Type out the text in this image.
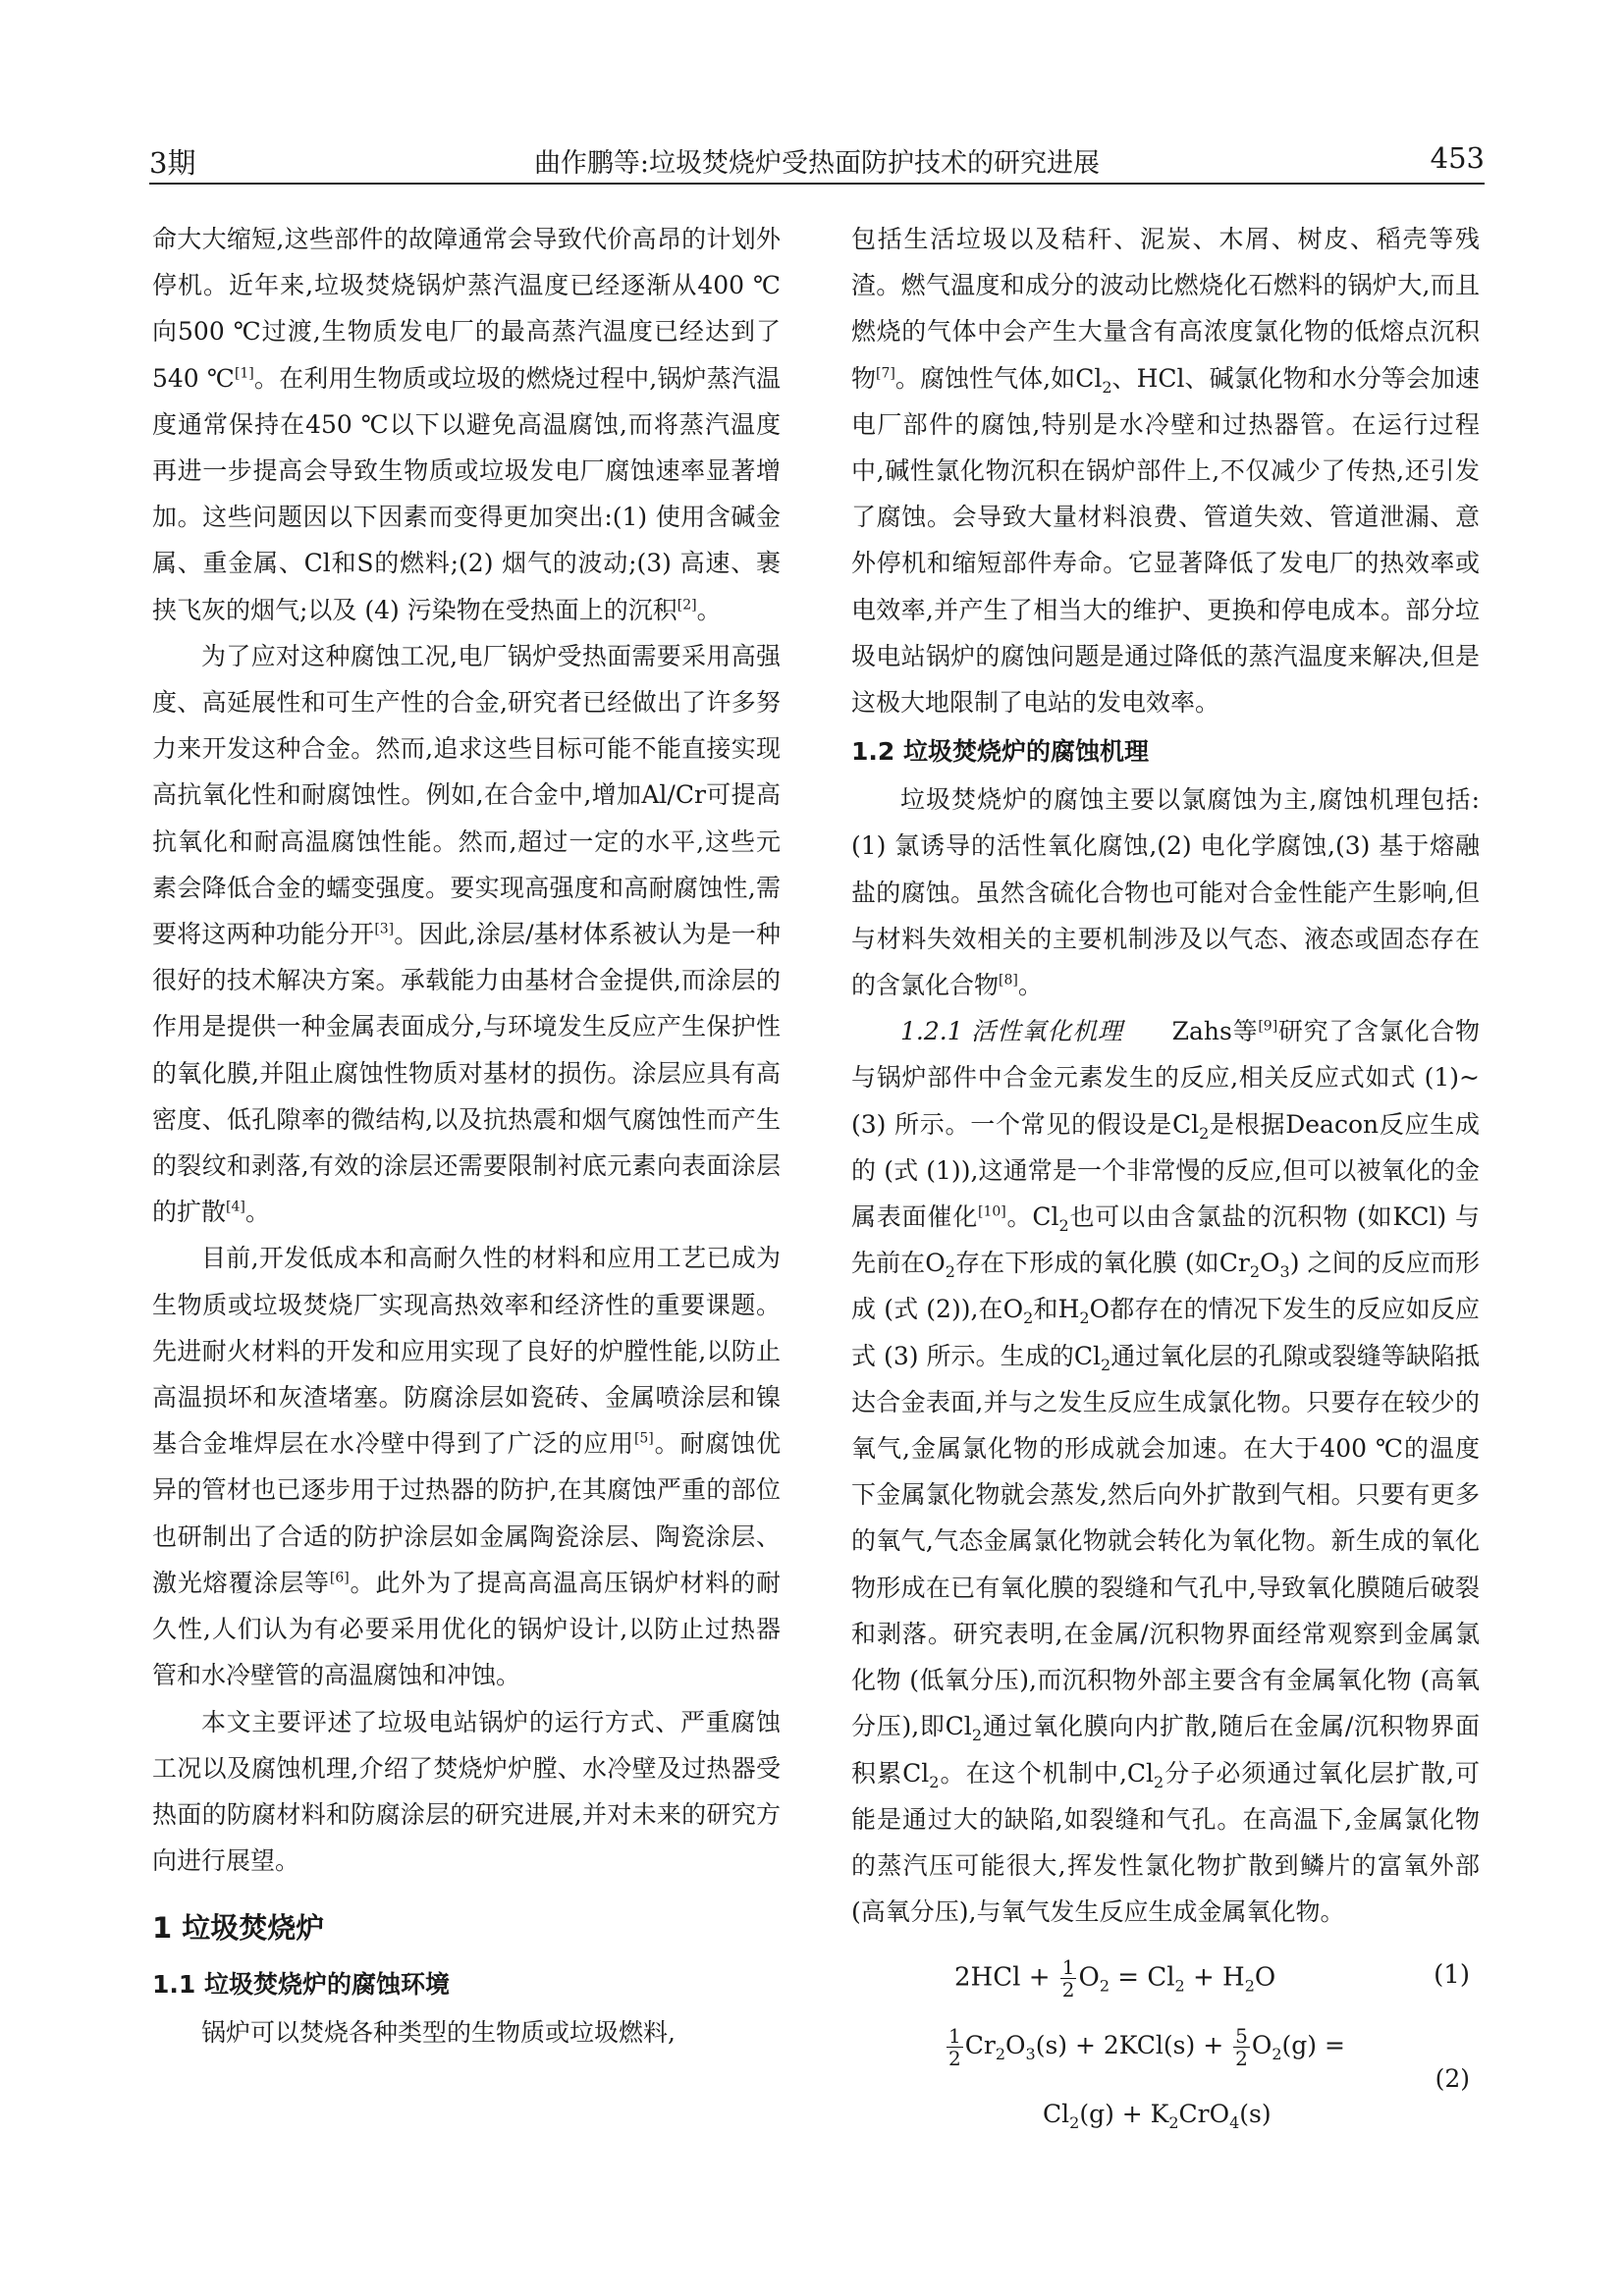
3期	曲作鹏等:垃圾焚烧炉受热面防护技术的研究进展	453

命大大缩短,这些部件的故障通常会导致代价高昂的计划外停机。近年来,垃圾焚烧锅炉蒸汽温度已经逐渐从400 ℃向500 ℃过渡,生物质发电厂的最高蒸汽温度已经达到了540 ℃[1]。在利用生物质或垃圾的燃烧过程中,锅炉蒸汽温度通常保持在450 ℃以下以避免高温腐蚀,而将蒸汽温度再进一步提高会导致生物质或垃圾发电厂腐蚀速率显著增加。这些问题因以下因素而变得更加突出:(1) 使用含碱金属、重金属、Cl和S的燃料;(2) 烟气的波动;(3) 高速、裹挟飞灰的烟气;以及 (4) 污染物在受热面上的沉积[2]。

为了应对这种腐蚀工况,电厂锅炉受热面需要采用高强度、高延展性和可生产性的合金,研究者已经做出了许多努力来开发这种合金。然而,追求这些目标可能不能直接实现高抗氧化性和耐腐蚀性。例如,在合金中,增加Al/Cr可提高抗氧化和耐高温腐蚀性能。然而,超过一定的水平,这些元素会降低合金的蠕变强度。要实现高强度和高耐腐蚀性,需要将这两种功能分开[3]。因此,涂层/基材体系被认为是一种很好的技术解决方案。承载能力由基材合金提供,而涂层的作用是提供一种金属表面成分,与环境发生反应产生保护性的氧化膜,并阻止腐蚀性物质对基材的损伤。涂层应具有高密度、低孔隙率的微结构,以及抗热震和烟气腐蚀性而产生的裂纹和剥落,有效的涂层还需要限制衬底元素向表面涂层的扩散[4]。

目前,开发低成本和高耐久性的材料和应用工艺已成为生物质或垃圾焚烧厂实现高热效率和经济性的重要课题。先进耐火材料的开发和应用实现了良好的炉膛性能,以防止高温损坏和灰渣堵塞。防腐涂层如瓷砖、金属喷涂层和镍基合金堆焊层在水冷壁中得到了广泛的应用[5]。耐腐蚀优异的管材也已逐步用于过热器的防护,在其腐蚀严重的部位也研制出了合适的防护涂层如金属陶瓷涂层、陶瓷涂层、激光熔覆涂层等[6]。此外为了提高高温高压锅炉材料的耐久性,人们认为有必要采用优化的锅炉设计,以防止过热器管和水冷壁管的高温腐蚀和冲蚀。

本文主要评述了垃圾电站锅炉的运行方式、严重腐蚀工况以及腐蚀机理,介绍了焚烧炉炉膛、水冷壁及过热器受热面的防腐材料和防腐涂层的研究进展,并对未来的研究方向进行展望。

1 垃圾焚烧炉
1.1 垃圾焚烧炉的腐蚀环境

锅炉可以焚烧各种类型的生物质或垃圾燃料,

包括生活垃圾以及秸秆、泥炭、木屑、树皮、稻壳等残渣。燃气温度和成分的波动比燃烧化石燃料的锅炉大,而且燃烧的气体中会产生大量含有高浓度氯化物的低熔点沉积物[7]。腐蚀性气体,如$Cl_2$、HCl、碱氯化物和水分等会加速电厂部件的腐蚀,特别是水冷壁和过热器管。在运行过程中,碱性氯化物沉积在锅炉部件上,不仅减少了传热,还引发了腐蚀。会导致大量材料浪费、管道失效、管道泄漏、意外停机和缩短部件寿命。它显著降低了发电厂的热效率或电效率,并产生了相当大的维护、更换和停电成本。部分垃圾电站锅炉的腐蚀问题是通过降低的蒸汽温度来解决,但是这极大地限制了电站的发电效率。

1.2 垃圾焚烧炉的腐蚀机理

垃圾焚烧炉的腐蚀主要以氯腐蚀为主,腐蚀机理包括:(1) 氯诱导的活性氧化腐蚀,(2) 电化学腐蚀,(3) 基于熔融盐的腐蚀。虽然含硫化合物也可能对合金性能产生影响,但与材料失效相关的主要机制涉及以气态、液态或固态存在的含氯化合物[8]。

1.2.1 活性氧化机理   Zahs等[9]研究了含氯化合物与锅炉部件中合金元素发生的反应,相关反应式如式 (1)~(3) 所示。一个常见的假设是$Cl_2$是根据Deacon反应生成的 (式 (1)),这通常是一个非常慢的反应,但可以被氧化的金属表面催化[10]。$Cl_2$也可以由含氯盐的沉积物 (如KCl) 与先前在$O_2$存在下形成的氧化膜 (如$Cr_2O_3$) 之间的反应而形成 (式 (2)),在$O_2$和$H_2O$都存在的情况下发生的反应如反应式 (3) 所示。生成的$Cl_2$通过氧化层的孔隙或裂缝等缺陷抵达合金表面,并与之发生反应生成氯化物。只要存在较少的氧气,金属氯化物的形成就会加速。在大于400 ℃的温度下金属氯化物就会蒸发,然后向外扩散到气相。只要有更多的氧气,气态金属氯化物就会转化为氧化物。新生成的氧化物形成在已有氧化膜的裂缝和气孔中,导致氧化膜随后破裂和剥落。研究表明,在金属/沉积物界面经常观察到金属氯化物 (低氧分压),而沉积物外部主要含有金属氧化物 (高氧分压),即$Cl_2$通过氧化膜向内扩散,随后在金属/沉积物界面积累$Cl_2$。在这个机制中$,Cl_2$分子必须通过氧化层扩散,可能是通过大的缺陷,如裂缝和气孔。在高温下,金属氯化物的蒸汽压可能很大,挥发性氯化物扩散到鳞片的富氧外部 (高氧分压),与氧气发生反应生成金属氧化物。

$2HCl + \frac{1}{2} O_2 = Cl_2 + H_2O$	(1)
$\frac{1}{2} Cr_2O_3(s) + 2KCl(s) + \frac{5}{2} O_2(g)$ =
$Cl_2(g) + K_2CrO_4(s)$
(2)
